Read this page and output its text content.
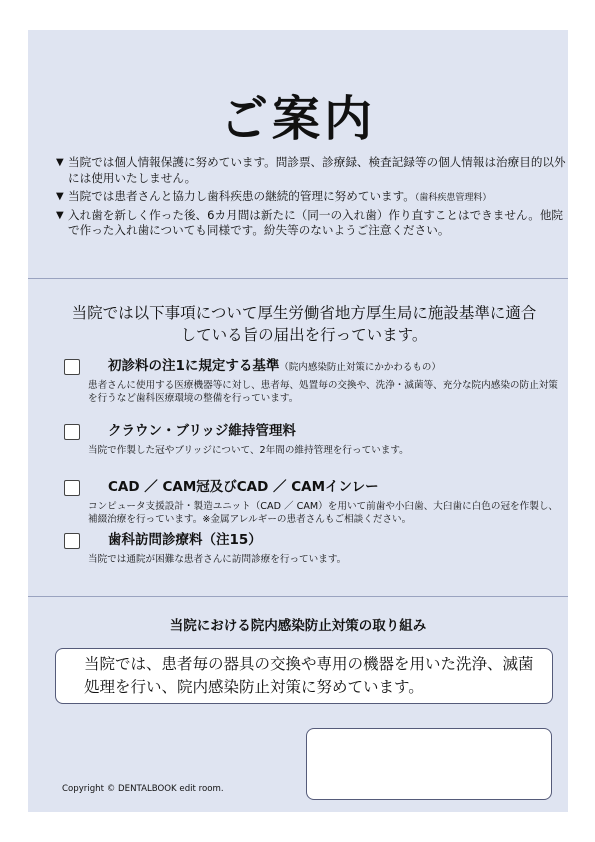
ご案内
▼ 当院では個人情報保護に努めています。問診票、診療録、検査記録等の個人情報は治療目的以外には使用いたしません。
▼ 当院では患者さんと協力し歯科疾患の継続的管理に努めています。（歯科疾患管理料）
▼ 入れ歯を新しく作った後、6カ月間は新たに（同一の入れ歯）作り直すことはできません。他院で作った入れ歯についても同様です。紛失等のないようご注意ください。
当院では以下事項について厚生労働省地方厚生局に施設基準に適合している旨の届出を行っています。
初診料の注1に規定する基準（院内感染防止対策にかかわるもの）
患者さんに使用する医療機器等に対し、患者毎、処置毎の交換や、洗浄・滅菌等、充分な院内感染の防止対策を行うなど歯科医療環境の整備を行っています。
クラウン・ブリッジ維持管理料
当院で作製した冠やブリッジについて、2年間の維持管理を行っています。
CAD ／ CAM冠及びCAD ／ CAMインレー
コンピュータ支援設計・製造ユニット（CAD ／ CAM）を用いて前歯や小臼歯、大臼歯に白色の冠を作製し、補綴治療を行っています。※金属アレルギーの患者さんもご相談ください。
歯科訪問診療料（注15）
当院では通院が困難な患者さんに訪問診療を行っています。
当院における院内感染防止対策の取り組み
当院では、患者毎の器具の交換や専用の機器を用いた洗浄、滅菌処理を行い、院内感染防止対策に努めています。
Copyright © DENTALBOOK edit room.
